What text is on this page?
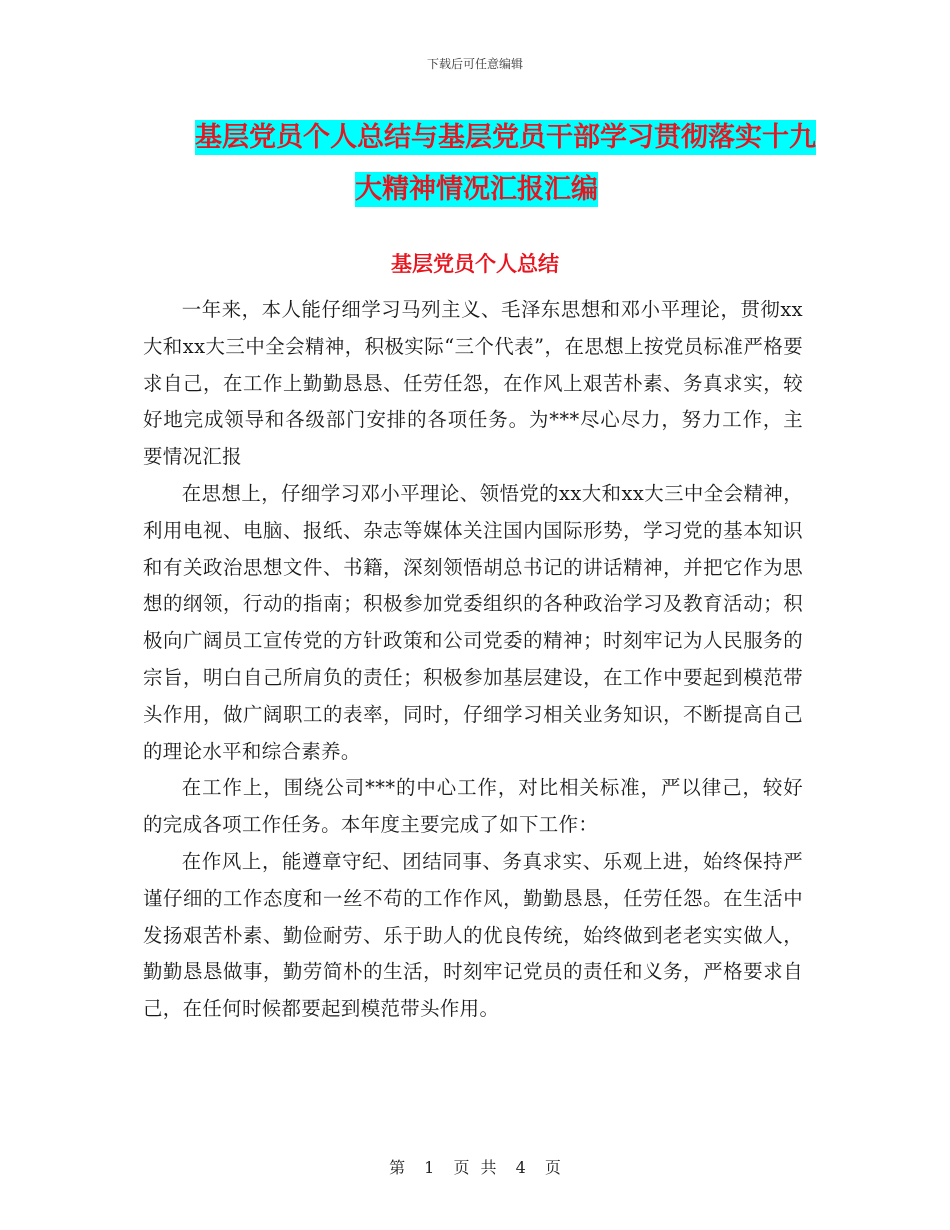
下载后可任意编辑
基层党员个人总结与基层党员干部学习贯彻落实十九
大精神情况汇报汇编
基层党员个人总结

一年来，本人能仔细学习马列主义、毛泽东思想和邓小平理论，贯彻xx大和xx大三中全会精神，积极实际“三个代表”，在思想上按党员标准严格要求自己，在工作上勤勤恳恳、任劳任怨，在作风上艰苦朴素、务真求实，较好地完成领导和各级部门安排的各项任务。为***尽心尽力，努力工作，主要情况汇报

在思想上，仔细学习邓小平理论、领悟党的xx大和xx大三中全会精神，利用电视、电脑、报纸、杂志等媒体关注国内国际形势，学习党的基本知识和有关政治思想文件、书籍，深刻领悟胡总书记的讲话精神，并把它作为思想的纲领，行动的指南；积极参加党委组织的各种政治学习及教育活动；积极向广阔员工宣传党的方针政策和公司党委的精神；时刻牢记为人民服务的宗旨，明白自己所肩负的责任；积极参加基层建设，在工作中要起到模范带头作用，做广阔职工的表率，同时，仔细学习相关业务知识，不断提高自己的理论水平和综合素养。

在工作上，围绕公司***的中心工作，对比相关标准，严以律己，较好的完成各项工作任务。本年度主要完成了如下工作：

在作风上，能遵章守纪、团结同事、务真求实、乐观上进，始终保持严谨仔细的工作态度和一丝不苟的工作作风，勤勤恳恳，任劳任怨。在生活中发扬艰苦朴素、勤俭耐劳、乐于助人的优良传统，始终做到老老实实做人，勤勤恳恳做事，勤劳简朴的生活，时刻牢记党员的责任和义务，严格要求自己，在任何时候都要起到模范带头作用。

第 1 页 共 4 页
